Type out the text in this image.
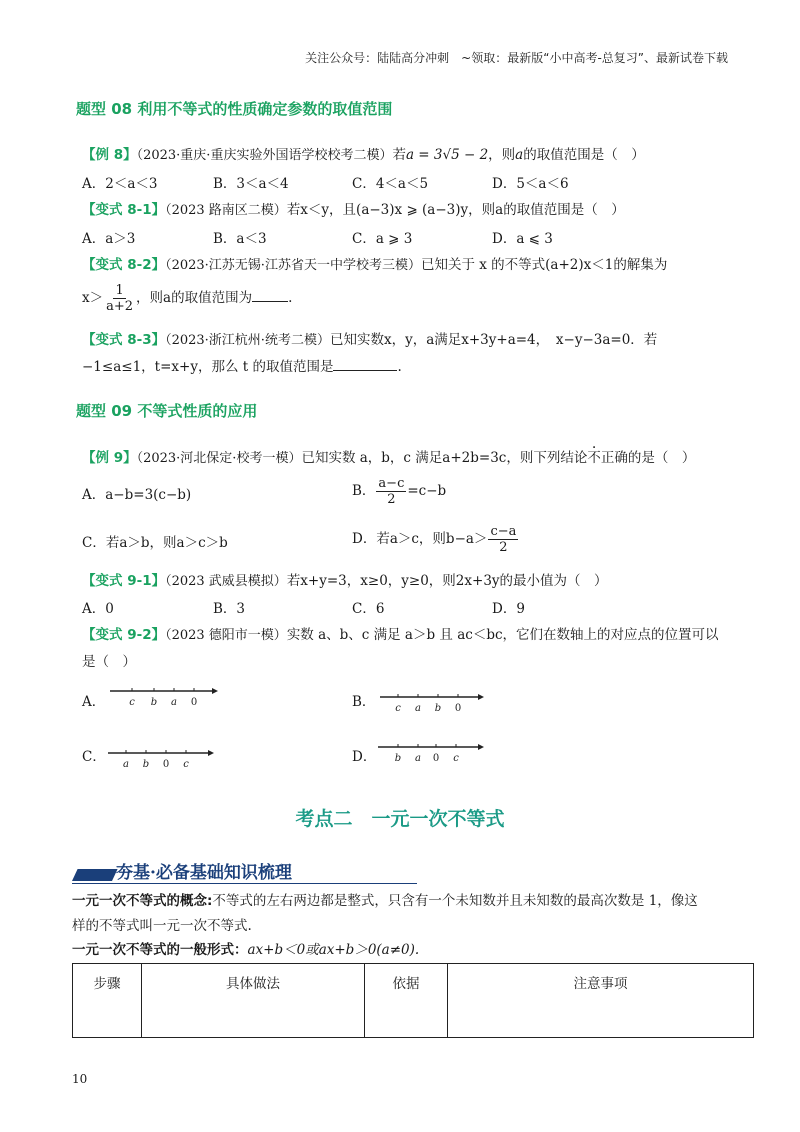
关注公众号：陆陆高分冲刺　~领取：最新版“小中高考-总复习”、最新试卷下载
题型 08 利用不等式的性质确定参数的取值范围
【例 8】（2023·重庆·重庆实验外国语学校校考二模）若a = 3√5 − 2，则a的取值范围是（　）
A．2＜a＜3	B．3＜a＜4	C．4＜a＜5	D．5＜a＜6
【变式 8-1】（2023 路南区二模）若x＜y，且(a−3)x ⩾ (a−3)y，则a的取值范围是（　）
A．a＞3	B．a＜3	C．a ⩾ 3	D．a ⩽ 3
【变式 8-2】（2023·江苏无锡·江苏省天一中学校考三模）已知关于 x 的不等式(a+2)x＜1的解集为
$x> \frac{1}{a+2}$ ，则a的取值范围为	.
【变式 8-3】（2023·浙江杭州·统考二模）已知实数x，y，a满足x+3y+a=4，　x−y−3a=0．若
−1≤a≤1，t=x+y，那么 t 的取值范围是	.
题型 09 不等式性质的应用
【例 9】（2023·河北保定·校考一模）已知实数 a，b，c 满足a+2b=3c，则下列结论不正确的是（　）
A．a−b=3(c−b)	B． $\frac{a-c}{2} =c-b$
C．若a＞b，则a＞c＞b	D．若a＞c，则$b-a> \frac{c-a}{2}$
【变式 9-1】（2023 武威县模拟）若x+y=3，x≥0，y≥0，则2x+3y的最小值为（　）
A．0	B．3	C．6	D．9
【变式 9-2】（2023 德阳市一模）实数 a、b、c 满足 a＞b 且 ac＜bc，它们在数轴上的对应点的位置可以
是（　）
A． c b a 0	B． c a b 0
C． a b 0 c	D． b a 0 c
考点二　一元一次不等式
夯基·必备基础知识梳理
一元一次不等式的概念:不等式的左右两边都是整式，只含有一个未知数并且未知数的最高次数是 1，像这
样的不等式叫一元一次不等式.
一元一次不等式的一般形式：ax+b＜0或ax+b＞0(a≠0).
步骤	具体做法	依据	注意事项
10
